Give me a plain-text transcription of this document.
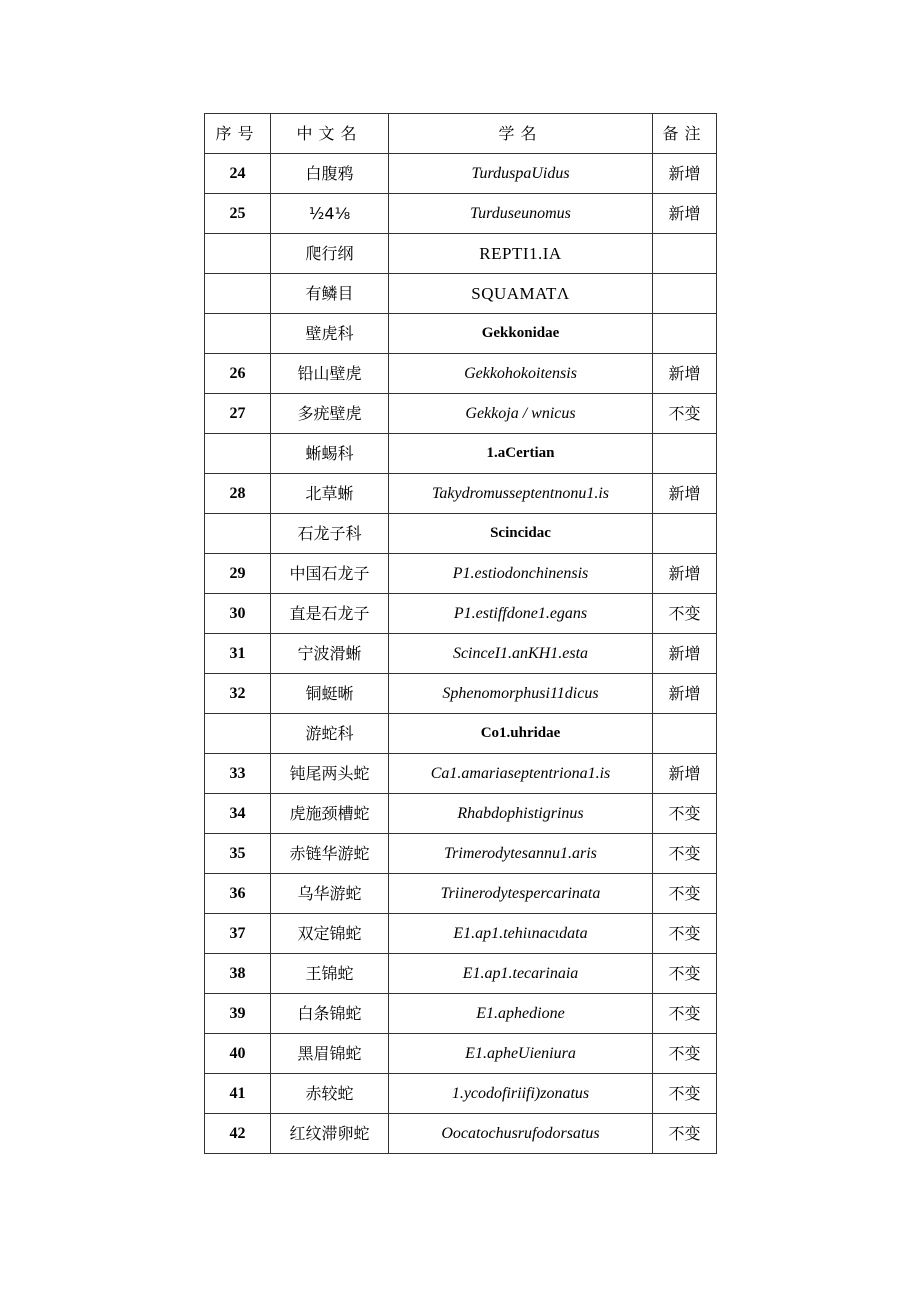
序号	中文名	学名	备注
24	白腹鸦	TurduspaUidus	新增
25	½4⅛	Turduseunomus	新增
	爬行纲	REPTI1.IA	
	有鳞目	SQUAMATΛ	
	壁虎科	Gekkonidae	
26	铅山壁虎	Gekkohokoitensis	新增
27	多疣壁虎	Gekkoja / wnicus	不变
	蜥蜴科	1.aCertian	
28	北草蜥	Takydromusseptentnonu1.is	新增
	石龙子科	Scincidac	
29	中国石龙子	P1.estiodonchinensis	新增
30	直是石龙子	P1.estiffdone1.egans	不变
31	宁波滑蜥	ScinceI1.anKH1.esta	新增
32	铜蜓晰	Sphenomorphusi11dicus	新增
	游蛇科	Co1.uhridae	
33	钝尾两头蛇	Ca1.amariaseptentriona1.is	新增
34	虎施颈槽蛇	Rhabdophistigrinus	不变
35	赤链华游蛇	Trimerodytesannu1.aris	不变
36	乌华游蛇	Triinerodytespercarinata	不变
37	双定锦蛇	E1.ap1.tehiιnacιdata	不变
38	王锦蛇	E1.ap1.tecarinaia	不变
39	白条锦蛇	E1.aphedione	不变
40	黑眉锦蛇	E1.apheUieniura	不变
41	赤较蛇	1.ycodofiriifi)zonatus	不变
42	红纹滞卵蛇	Oocatochusrufodorsatus	不变
